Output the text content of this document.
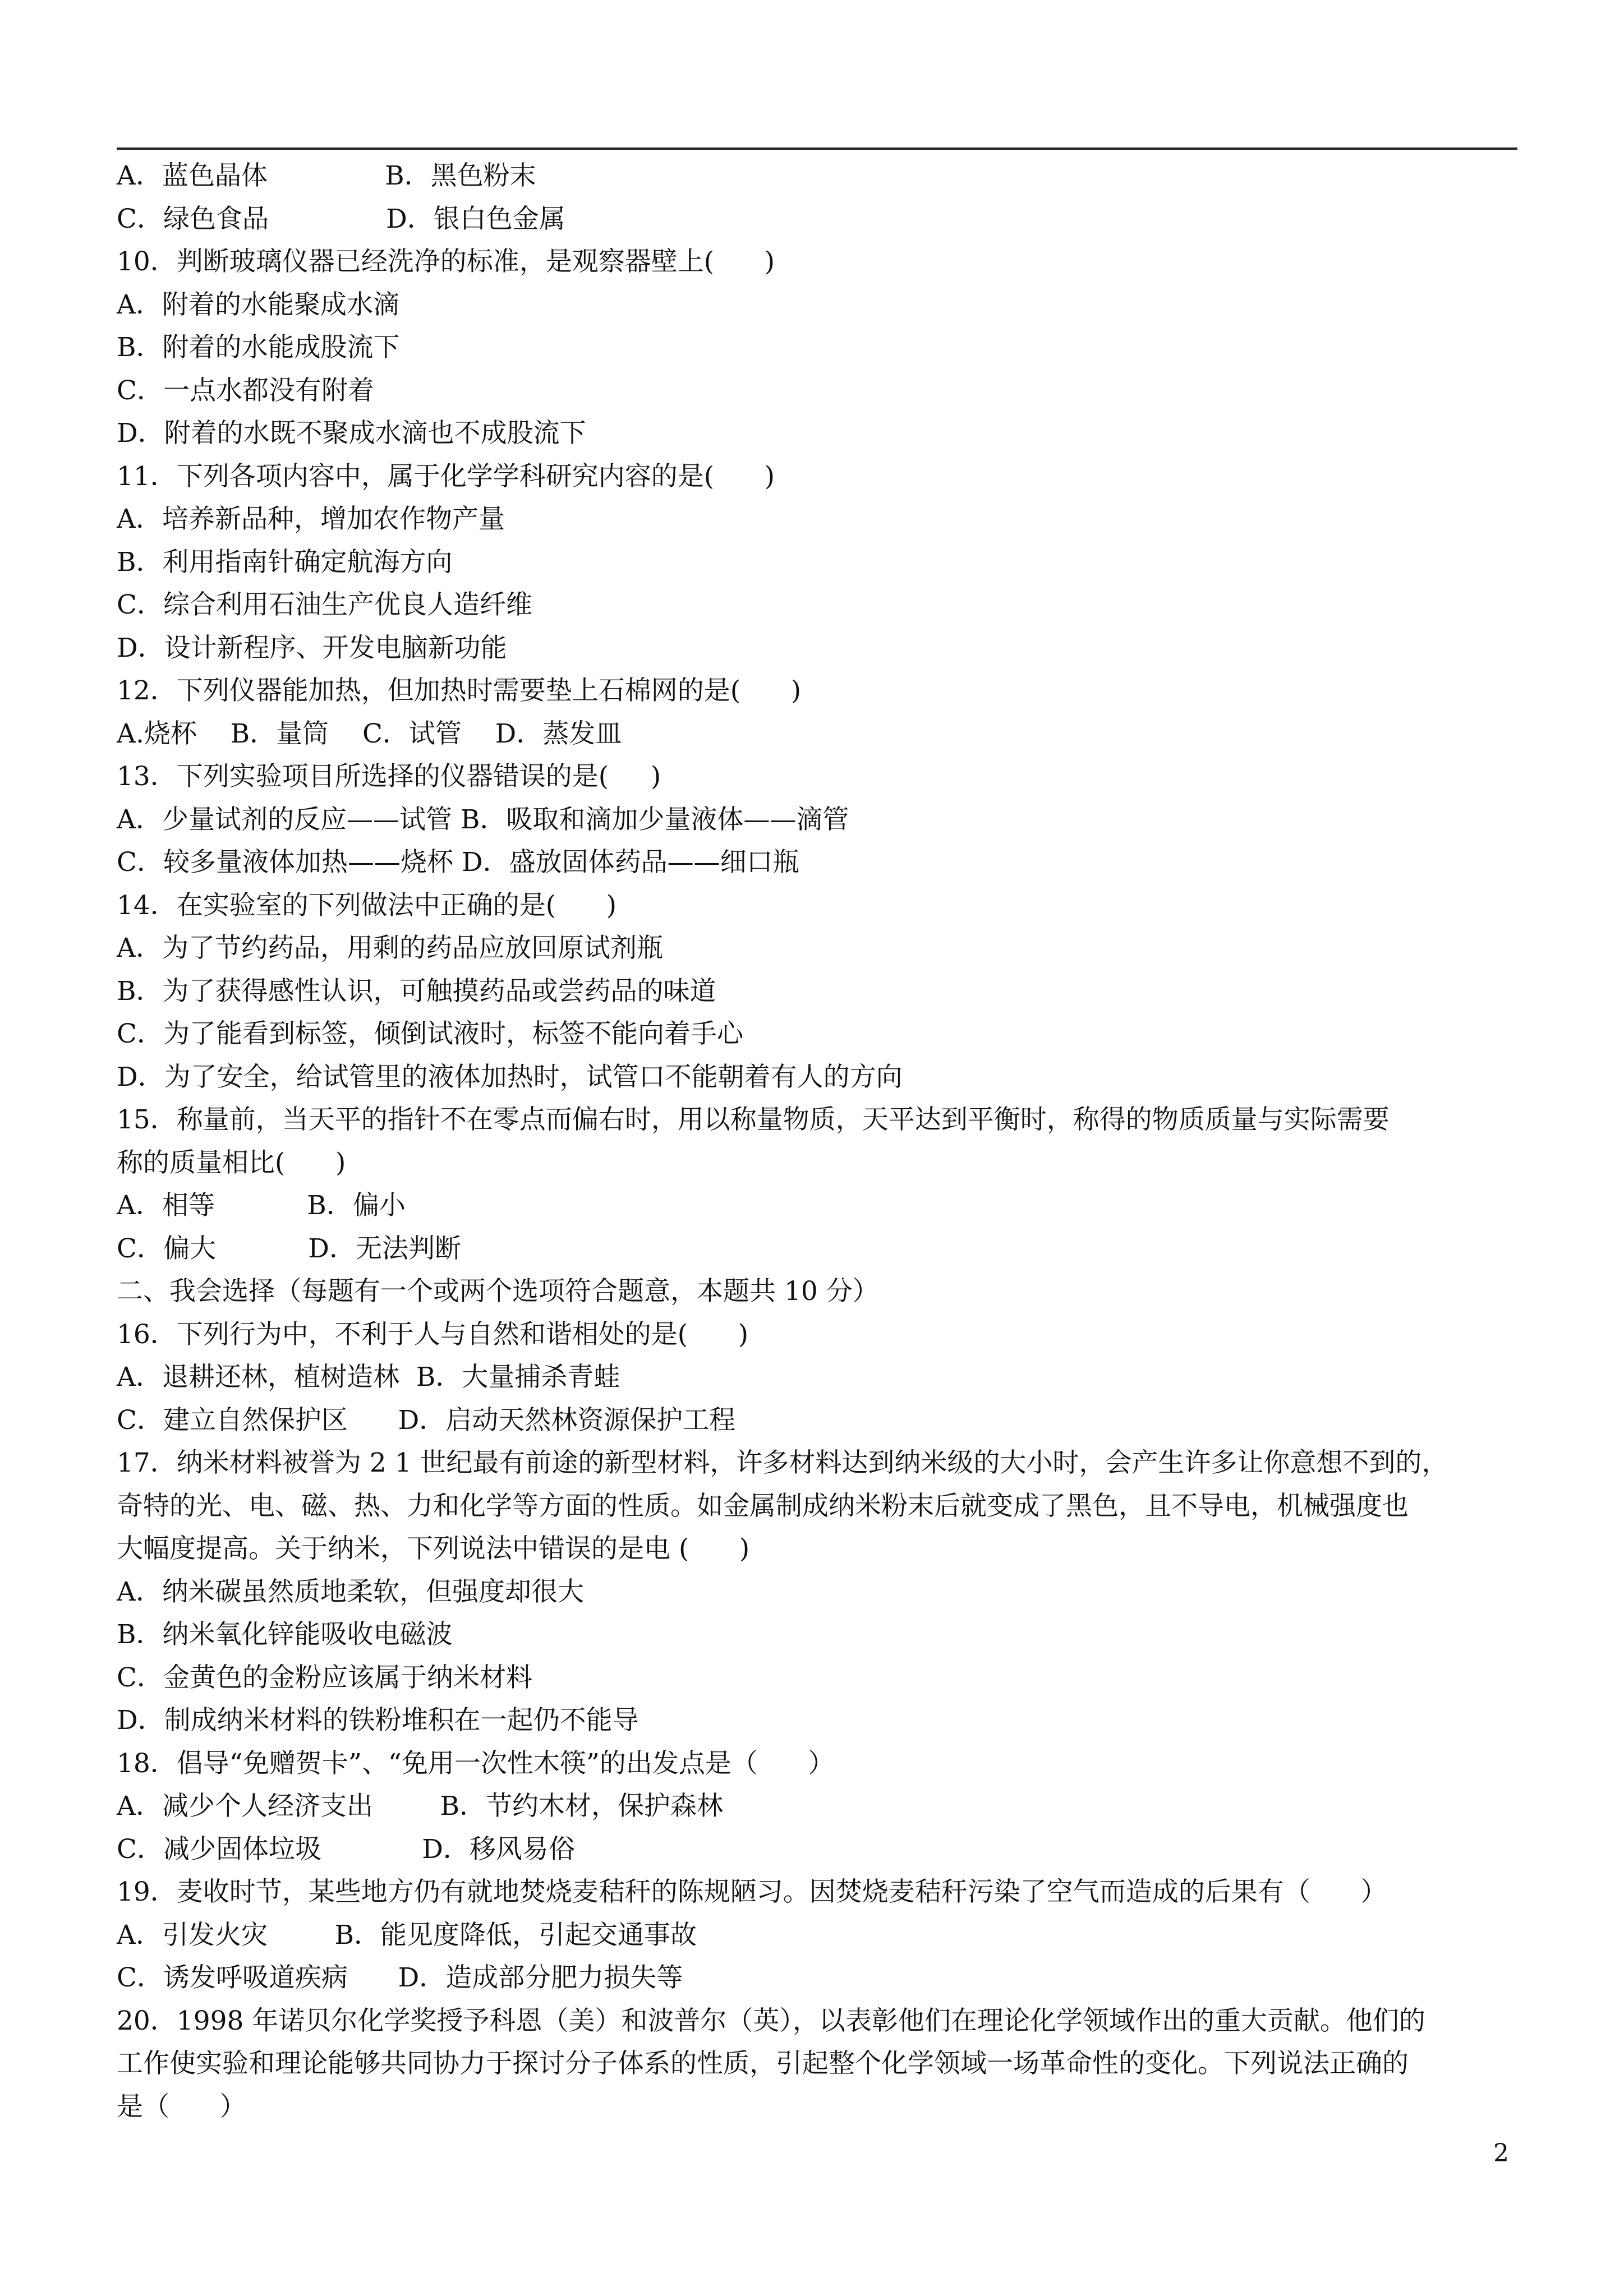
A．蓝色晶体              B．黑色粉末
C．绿色食品              D．银白色金属
10．判断玻璃仪器已经洗净的标准，是观察器壁上(      )
A．附着的水能聚成水滴
B．附着的水能成股流下
C．一点水都没有附着
D．附着的水既不聚成水滴也不成股流下
11．下列各项内容中，属于化学学科研究内容的是(      )
A．培养新品种，增加农作物产量
B．利用指南针确定航海方向
C．综合利用石油生产优良人造纤维
D．设计新程序、开发电脑新功能
12．下列仪器能加热，但加热时需要垫上石棉网的是(      )
A.烧杯    B．量筒    C．试管    D．蒸发皿
13．下列实验项目所选择的仪器错误的是(     )
A．少量试剂的反应——试管 B．吸取和滴加少量液体——滴管
C．较多量液体加热——烧杯 D．盛放固体药品——细口瓶
14．在实验室的下列做法中正确的是(      )
A．为了节约药品，用剩的药品应放回原试剂瓶
B．为了获得感性认识，可触摸药品或尝药品的味道
C．为了能看到标签，倾倒试液时，标签不能向着手心
D．为了安全，给试管里的液体加热时，试管口不能朝着有人的方向
15．称量前，当天平的指针不在零点而偏右时，用以称量物质，天平达到平衡时，称得的物质质量与实际需要
称的质量相比(      )
A．相等           B．偏小
C．偏大           D．无法判断
二、我会选择（每题有一个或两个选项符合题意，本题共 10 分）
16．下列行为中，不利于人与自然和谐相处的是(      )
A．退耕还林，植树造林  B．大量捕杀青蛙
C．建立自然保护区      D．启动天然林资源保护工程
17．纳米材料被誉为 2 1 世纪最有前途的新型材料，许多材料达到纳米级的大小时，会产生许多让你意想不到的，
奇特的光、电、磁、热、力和化学等方面的性质。如金属制成纳米粉末后就变成了黑色，且不导电，机械强度也
大幅度提高。关于纳米，下列说法中错误的是电 (      )
A．纳米碳虽然质地柔软，但强度却很大
B．纳米氧化锌能吸收电磁波
C．金黄色的金粉应该属于纳米材料
D．制成纳米材料的铁粉堆积在一起仍不能导
18．倡导“免赠贺卡”、“免用一次性木筷”的出发点是（      ）
A．减少个人经济支出        B．节约木材，保护森林
C．减少固体垃圾            D．移风易俗
19．麦收时节，某些地方仍有就地焚烧麦秸秆的陈规陋习。因焚烧麦秸秆污染了空气而造成的后果有（      ）
A．引发火灾        B．能见度降低，引起交通事故
C．诱发呼吸道疾病      D．造成部分肥力损失等
20．1998 年诺贝尔化学奖授予科恩（美）和波普尔（英），以表彰他们在理论化学领域作出的重大贡献。他们的
工作使实验和理论能够共同协力于探讨分子体系的性质，引起整个化学领域一场革命性的变化。下列说法正确的
是（      ）
2
